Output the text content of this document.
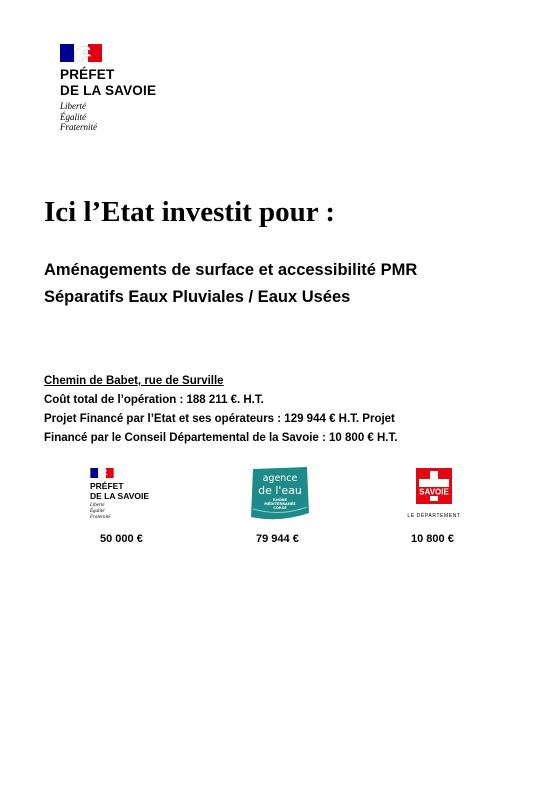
PRÉFET
DE LA SAVOIE
Liberté
Égalité
Fraternité
Ici l’Etat investit pour :
Aménagements de surface et accessibilité PMR
Séparatifs Eaux Pluviales / Eaux Usées
Chemin de Babet, rue de Surville
Coût total de l’opération : 188 211 €. H.T.
Projet Financé par l’Etat et ses opérateurs : 129 944 € H.T. Projet
Financé par le Conseil Départemental de la Savoie : 10 800 € H.T.
PRÉFET
DE LA SAVOIE
Liberté
Égalité
Fraternité
50 000 €
agence
de l'eau
RHÔNE
MÉDITERRANÉE
CORSE
79 944 €
SAVOIE
LE DÉPARTEMENT
10 800 €
